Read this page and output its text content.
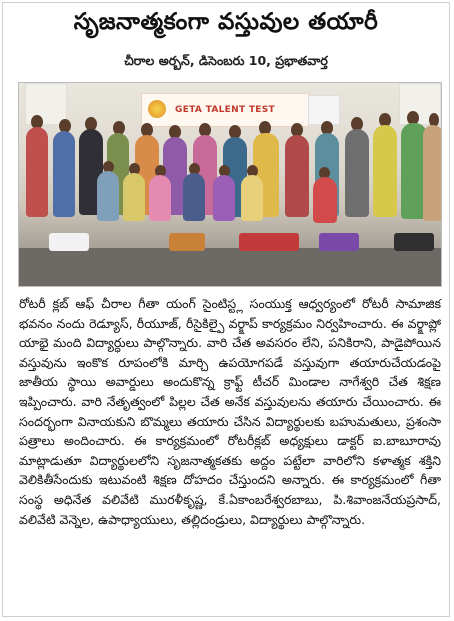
సృజనాత్మకంగా వస్తువుల తయారీ
చీరాల అర్బన్, డిసెంబరు 10, ప్రభాతవార్త
GETA TALENT TEST

రోటరీ క్లబ్ ఆఫ్ చీరాల గీతా యంగ్ సైంటిస్ట్ల సంయుక్త ఆధ్వర్యంలో రోటరీ సామాజిక భవనం నందు రెడ్యూస్, రీయూజ్, రీసైకిల్పై వర్క్షాప్ కార్యక్రమం నిర్వహించారు. ఈ వర్క్షాప్లో యాభై మంది విద్యార్ధులు పాల్గొన్నారు. వారి చేత అవసరం లేని, పనికిరాని, పాడైపోయిన వస్తువును ఇంకొక రూపంలోకి మార్చి ఉపయోగపడే వస్తువుగా తయారుచేయడంపై జాతీయ స్థాయి అవార్డులు అందుకొన్న క్రాఫ్ట్ టీచర్ మిండాల నాగేశ్వరి చేత శిక్షణ ఇప్పించారు. వారి నేతృత్వంలో పిల్లల చేత అనేక వస్తువులను తయారు చేయించారు. ఈ సందర్భంగా వినాయకుని బొమ్మలు తయారు చేసిన విద్యార్థులకు బహుమతులు, ప్రశంసా పత్రాలు అందించారు. ఈ కార్యక్రమంలో రోటరీక్లబ్ అధ్యక్షులు డాక్టర్ ఐ.బాబూరావు మాట్లాడుతూ విద్యార్థులలోని సృజనాత్మకతకు అద్దం పట్టేలా వారిలోని కళాత్మక శక్తిని వెలికితీసేందుకు ఇటువంటి శిక్షణ దోహదం చేస్తుందని అన్నారు. ఈ కార్యక్రమంలో గీతా సంస్థ అధినేత వలివేటి మురళీకృష్ణ, కే.ఏకాంబరేశ్వరబాబు, పి.శివాంజనేయప్రసాద్, వలివేటి వెన్నెల, ఉపాధ్యాయులు, తల్లిదండ్రులు, విద్యార్థులు పాల్గొన్నారు.
